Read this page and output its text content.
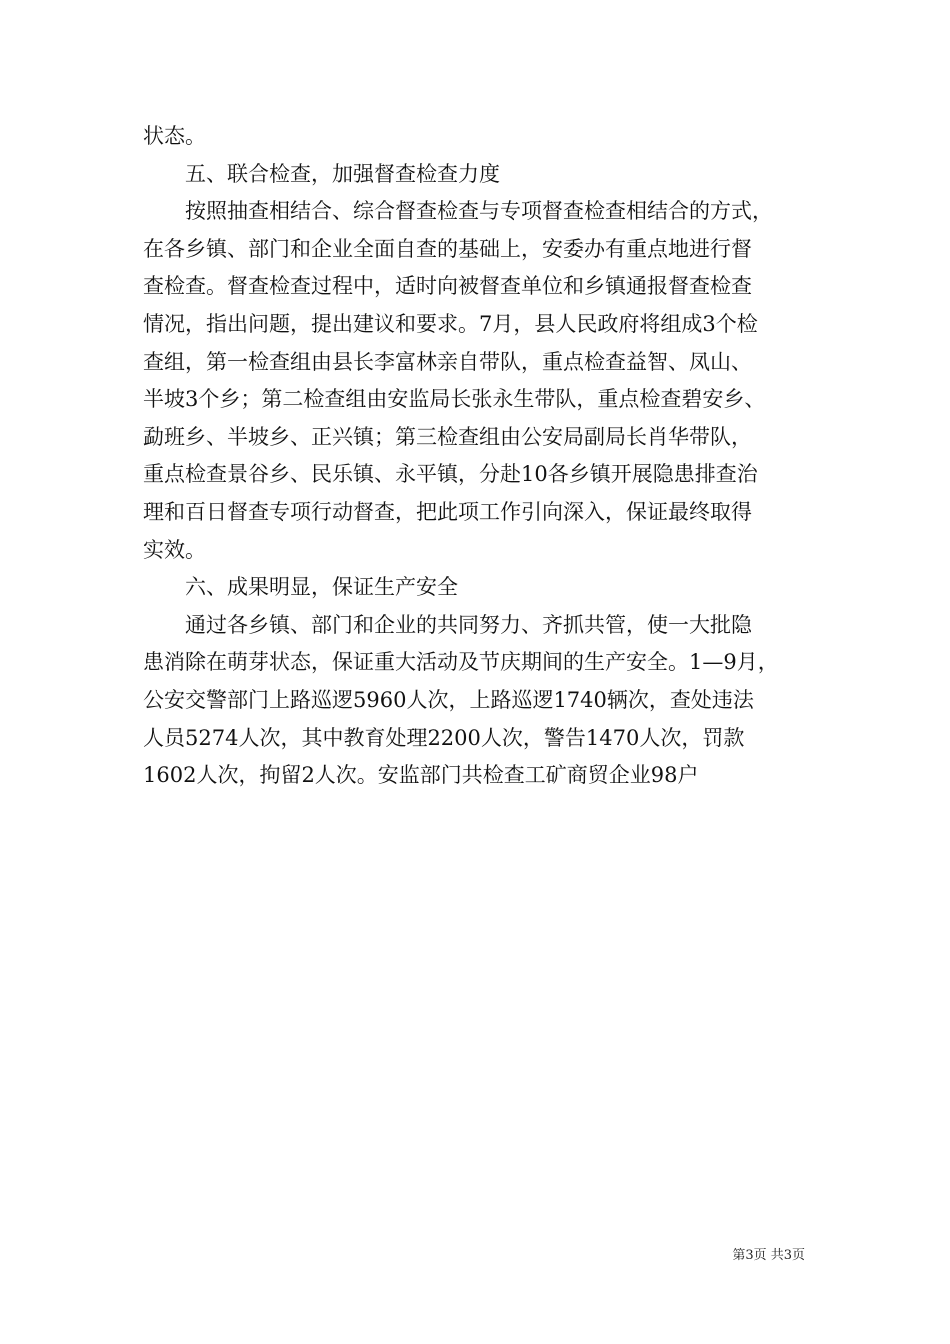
状态。
五、联合检查，加强督查检查力度
按照抽查相结合、综合督查检查与专项督查检查相结合的方式，
在各乡镇、部门和企业全面自查的基础上，安委办有重点地进行督
查检查。督查检查过程中，适时向被督查单位和乡镇通报督查检查
情况，指出问题，提出建议和要求。7月，县人民政府将组成3个检
查组，第一检查组由县长李富林亲自带队，重点检查益智、凤山、
半坡3个乡；第二检查组由安监局长张永生带队，重点检查碧安乡、
勐班乡、半坡乡、正兴镇；第三检查组由公安局副局长肖华带队，
重点检查景谷乡、民乐镇、永平镇，分赴10各乡镇开展隐患排查治
理和百日督查专项行动督查，把此项工作引向深入，保证最终取得
实效。
六、成果明显，保证生产安全
通过各乡镇、部门和企业的共同努力、齐抓共管，使一大批隐
患消除在萌芽状态，保证重大活动及节庆期间的生产安全。1—9月，
公安交警部门上路巡逻5960人次，上路巡逻1740辆次，查处违法
人员5274人次，其中教育处理2200人次，警告1470人次，罚款
1602人次，拘留2人次。安监部门共检查工矿商贸企业98户
第3页 共3页
